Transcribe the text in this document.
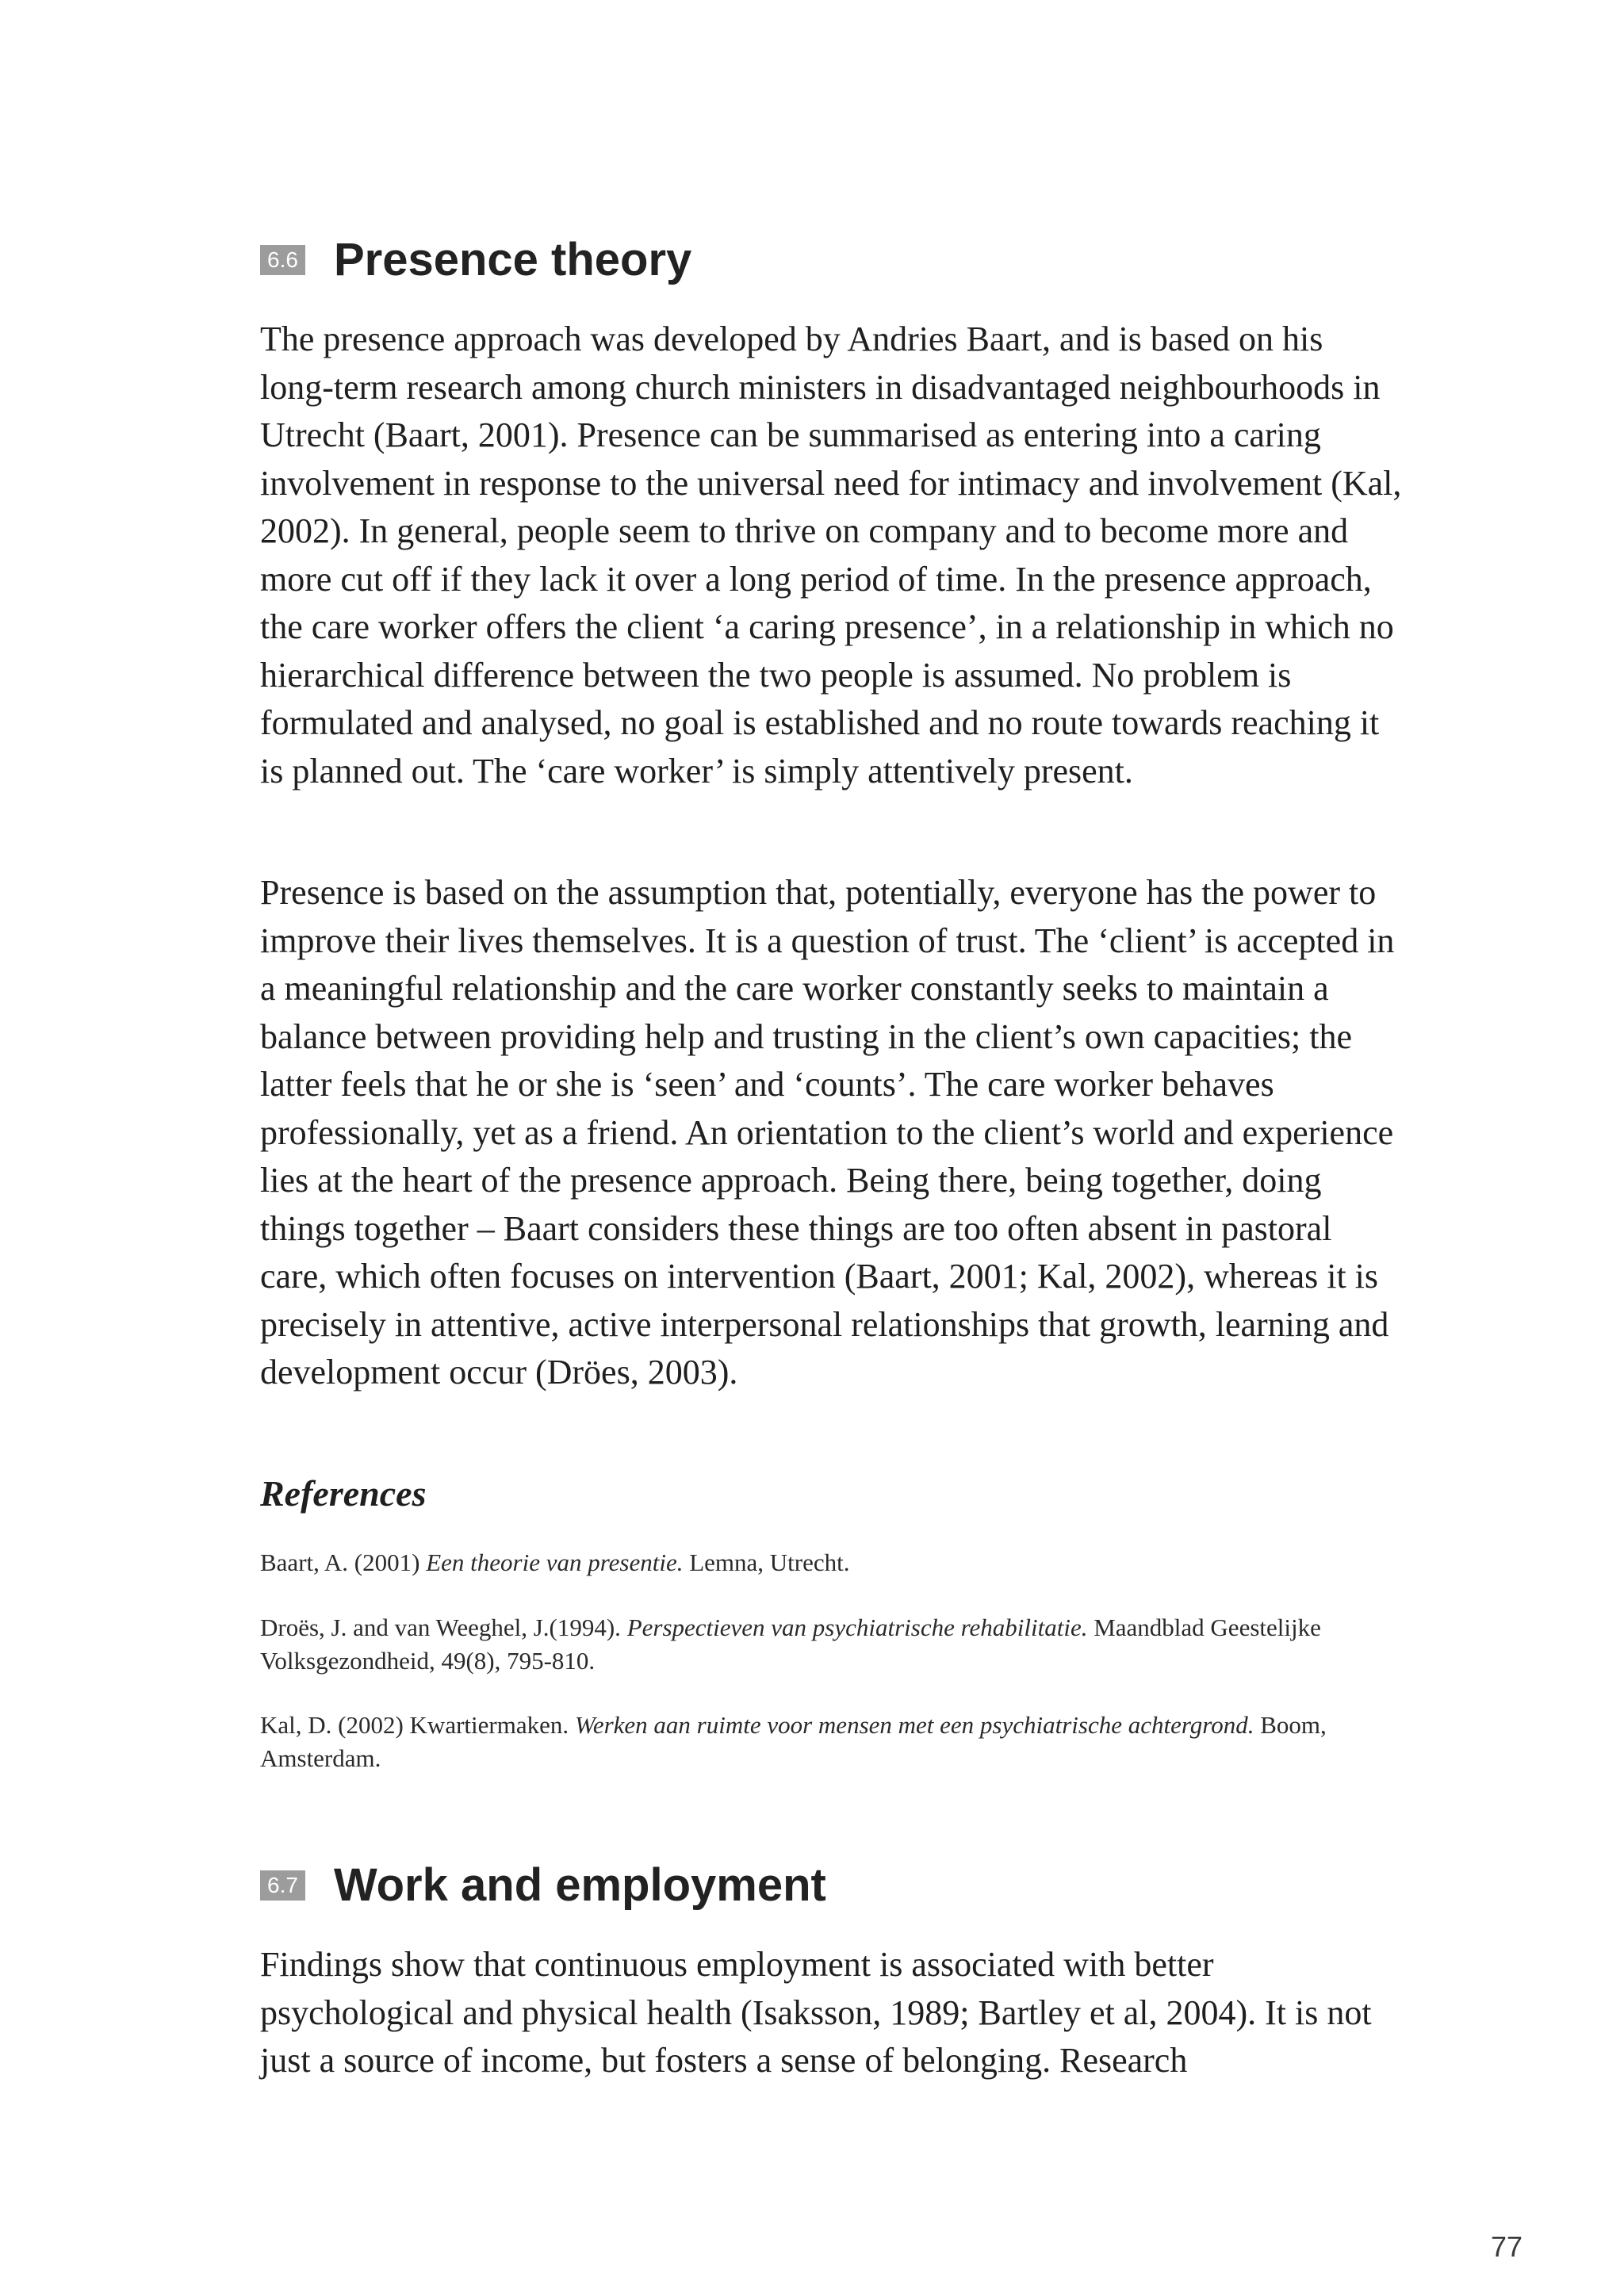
6.6 Presence theory

The presence approach was developed by Andries Baart, and is based on his long-term research among church ministers in disadvantaged neighbourhoods in Utrecht (Baart, 2001). Presence can be summarised as entering into a caring involvement in response to the universal need for intimacy and involvement (Kal, 2002). In general, people seem to thrive on company and to become more and more cut off if they lack it over a long period of time. In the presence approach, the care worker offers the client ‘a caring presence’, in a relationship in which no hierarchical difference between the two people is assumed. No problem is formulated and analysed, no goal is established and no route towards reaching it is planned out. The ‘care worker’ is simply attentively present.

Presence is based on the assumption that, potentially, everyone has the power to improve their lives themselves. It is a question of trust. The ‘client’ is accepted in a meaningful relationship and the care worker constantly seeks to maintain a balance between providing help and trusting in the client’s own capacities; the latter feels that he or she is ‘seen’ and ‘counts’. The care worker behaves professionally, yet as a friend. An orientation to the client’s world and experience lies at the heart of the presence approach. Being there, being together, doing things together – Baart considers these things are too often absent in pastoral care, which often focuses on intervention (Baart, 2001; Kal, 2002), whereas it is precisely in attentive, active interpersonal relationships that growth, learning and development occur (Dröes, 2003).

References

Baart, A. (2001) Een theorie van presentie. Lemna, Utrecht.

Droës, J. and van Weeghel, J.(1994). Perspectieven van psychiatrische rehabilitatie. Maandblad Geestelijke Volksgezondheid, 49(8), 795-810.

Kal, D. (2002) Kwartiermaken. Werken aan ruimte voor mensen met een psychiatrische achtergrond. Boom, Amsterdam.

6.7 Work and employment

Findings show that continuous employment is associated with better psychological and physical health (Isaksson, 1989; Bartley et al, 2004). It is not just a source of income, but fosters a sense of belonging. Research

77
